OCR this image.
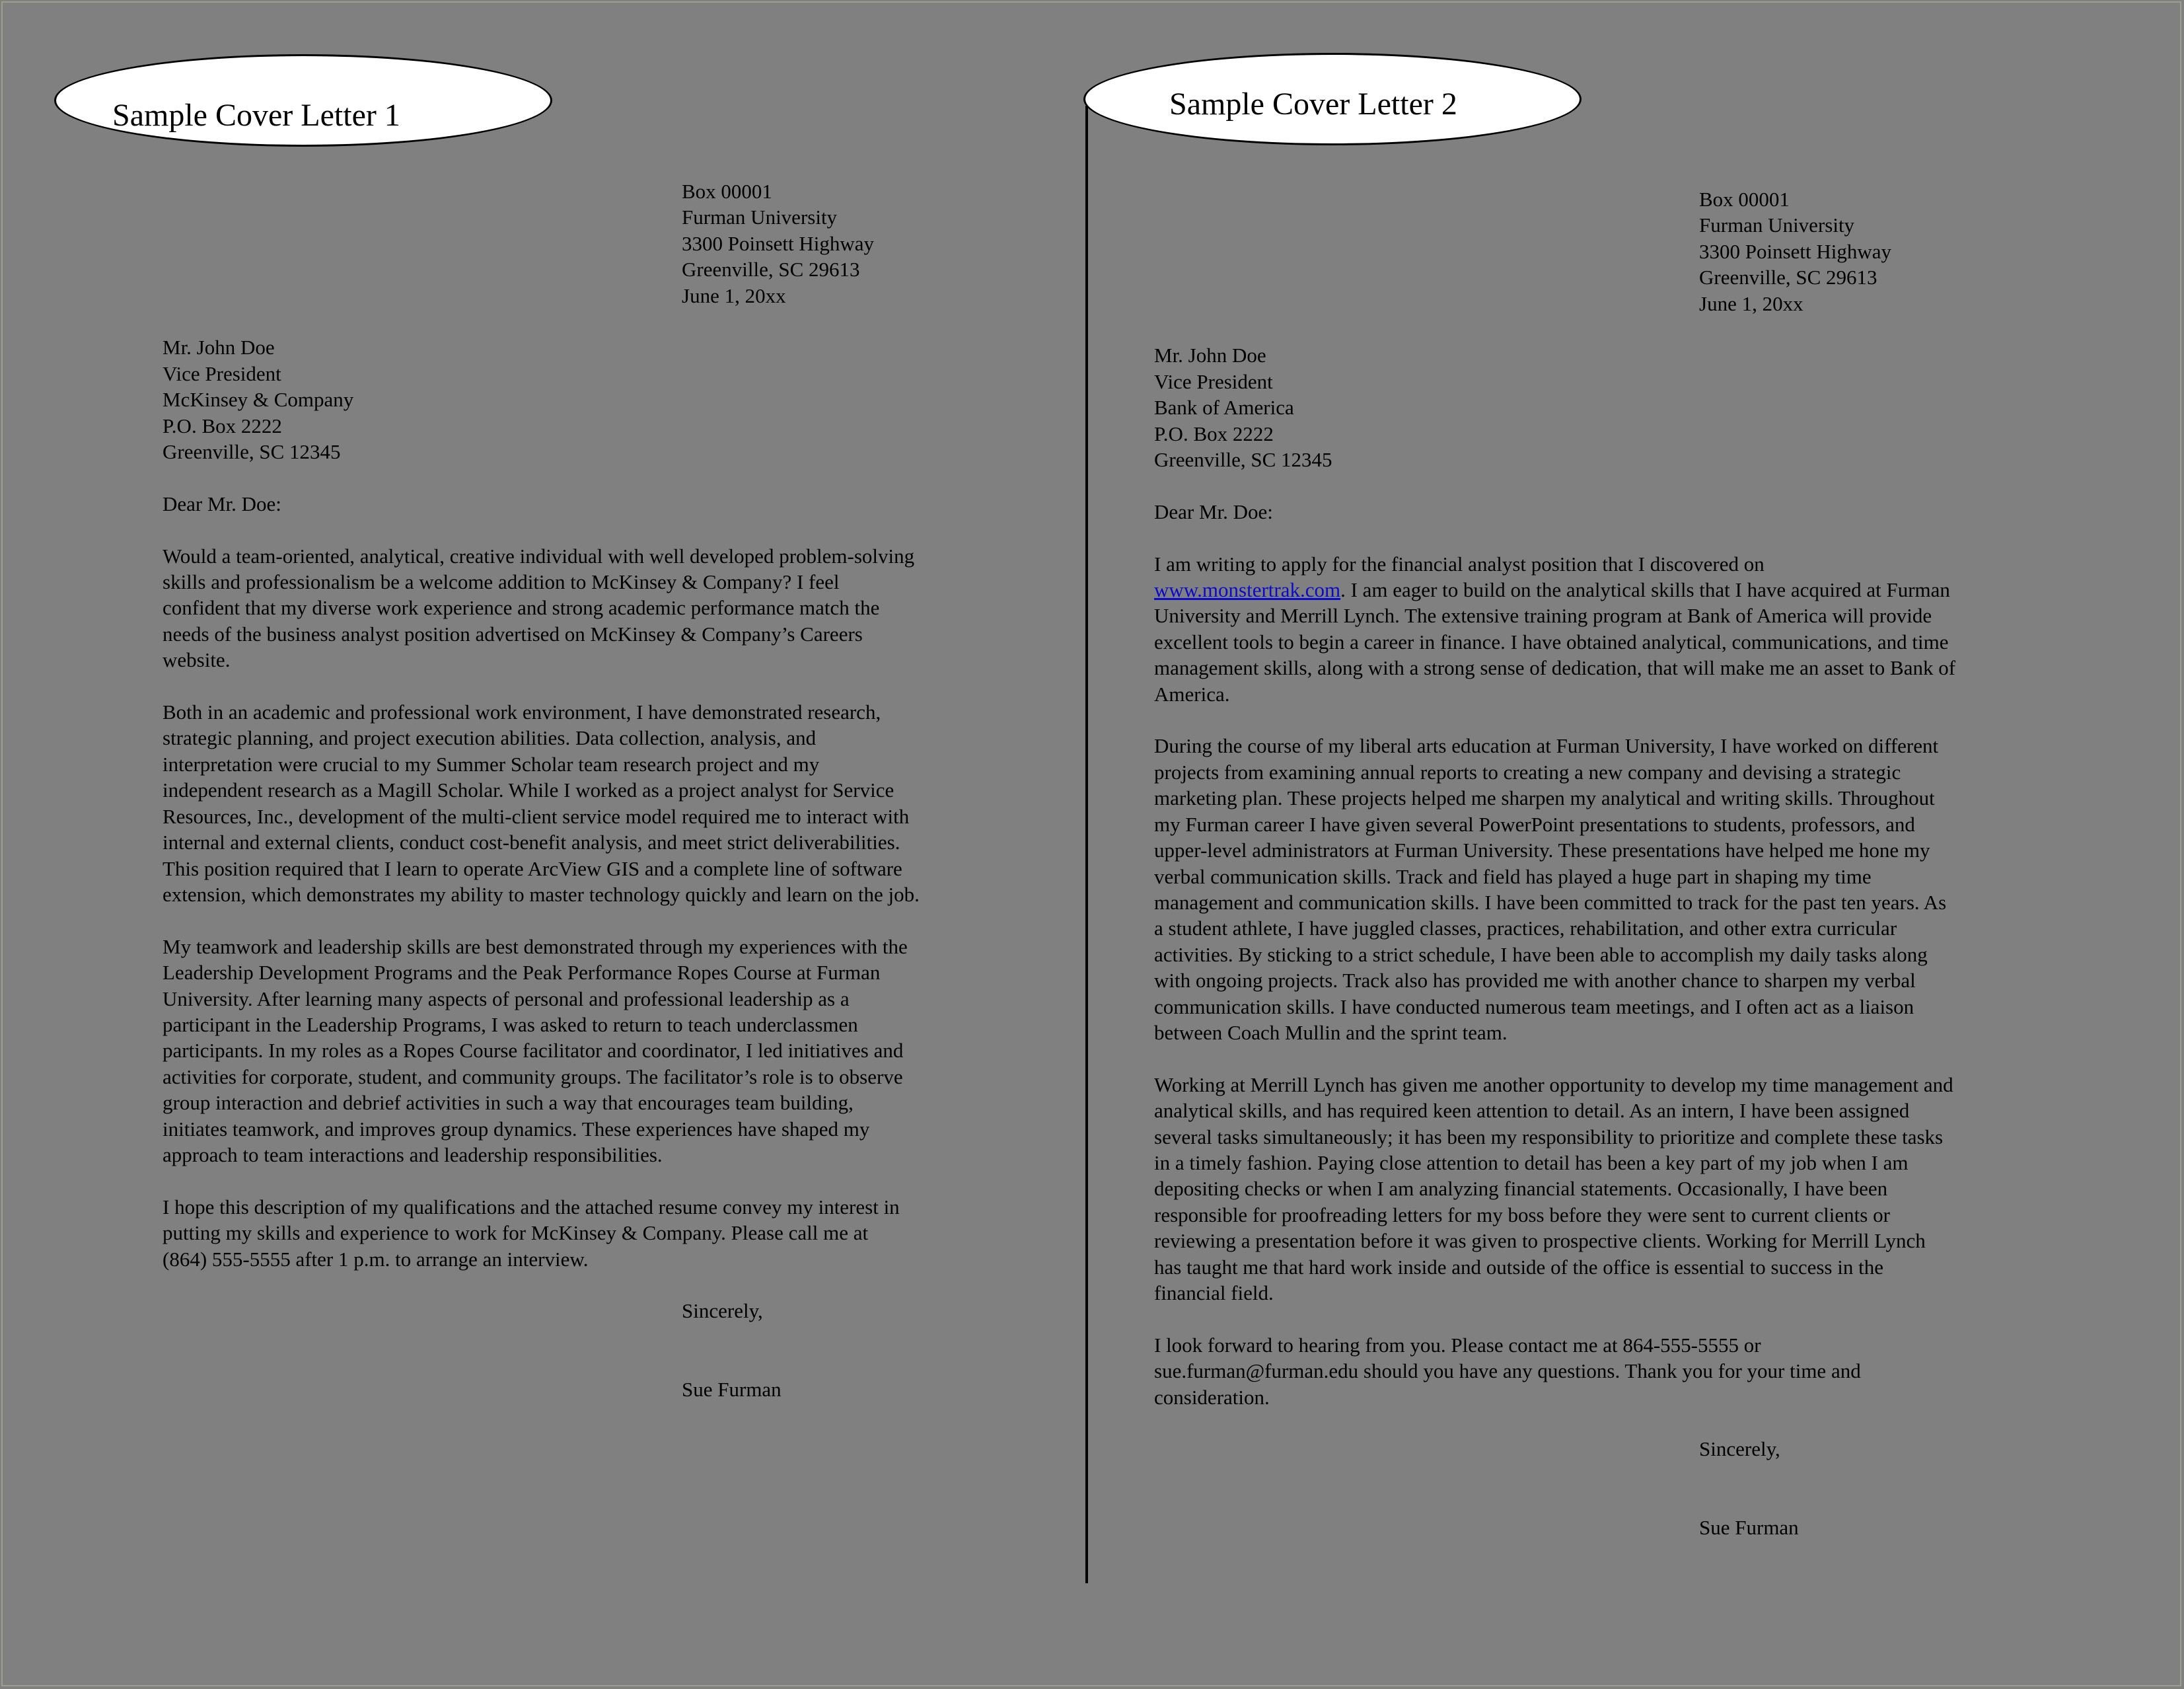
Sample Cover Letter 1	Sample Cover Letter 2
Box 00001
Furman University
3300 Poinsett Highway
Greenville, SC 29613
June 1, 20xx
Mr. John Doe
Vice President
McKinsey & Company
P.O. Box 2222
Greenville, SC 12345
Dear Mr. Doe:
Would a team-oriented, analytical, creative individual with well developed problem-solving
skills and professionalism be a welcome addition to McKinsey & Company? I feel
confident that my diverse work experience and strong academic performance match the
needs of the business analyst position advertised on McKinsey & Company’s Careers
website.
Both in an academic and professional work environment, I have demonstrated research,
strategic planning, and project execution abilities. Data collection, analysis, and
interpretation were crucial to my Summer Scholar team research project and my
independent research as a Magill Scholar. While I worked as a project analyst for Service
Resources, Inc., development of the multi-client service model required me to interact with
internal and external clients, conduct cost-benefit analysis, and meet strict deliverabilities.
This position required that I learn to operate ArcView GIS and a complete line of software
extension, which demonstrates my ability to master technology quickly and learn on the job.
My teamwork and leadership skills are best demonstrated through my experiences with the
Leadership Development Programs and the Peak Performance Ropes Course at Furman
University. After learning many aspects of personal and professional leadership as a
participant in the Leadership Programs, I was asked to return to teach underclassmen
participants. In my roles as a Ropes Course facilitator and coordinator, I led initiatives and
activities for corporate, student, and community groups. The facilitator’s role is to observe
group interaction and debrief activities in such a way that encourages team building,
initiates teamwork, and improves group dynamics. These experiences have shaped my
approach to team interactions and leadership responsibilities.
I hope this description of my qualifications and the attached resume convey my interest in
putting my skills and experience to work for McKinsey & Company. Please call me at
(864) 555-5555 after 1 p.m. to arrange an interview.
Sincerely,
Sue Furman
Box 00001
Furman University
3300 Poinsett Highway
Greenville, SC 29613
June 1, 20xx
Mr. John Doe
Vice President
Bank of America
P.O. Box 2222
Greenville, SC 12345
Dear Mr. Doe:
I am writing to apply for the financial analyst position that I discovered on
www.monstertrak.com. I am eager to build on the analytical skills that I have acquired at Furman
University and Merrill Lynch. The extensive training program at Bank of America will provide
excellent tools to begin a career in finance. I have obtained analytical, communications, and time
management skills, along with a strong sense of dedication, that will make me an asset to Bank of
America.
During the course of my liberal arts education at Furman University, I have worked on different
projects from examining annual reports to creating a new company and devising a strategic
marketing plan. These projects helped me sharpen my analytical and writing skills. Throughout
my Furman career I have given several PowerPoint presentations to students, professors, and
upper-level administrators at Furman University. These presentations have helped me hone my
verbal communication skills. Track and field has played a huge part in shaping my time
management and communication skills. I have been committed to track for the past ten years. As
a student athlete, I have juggled classes, practices, rehabilitation, and other extra curricular
activities. By sticking to a strict schedule, I have been able to accomplish my daily tasks along
with ongoing projects. Track also has provided me with another chance to sharpen my verbal
communication skills. I have conducted numerous team meetings, and I often act as a liaison
between Coach Mullin and the sprint team.
Working at Merrill Lynch has given me another opportunity to develop my time management and
analytical skills, and has required keen attention to detail. As an intern, I have been assigned
several tasks simultaneously; it has been my responsibility to prioritize and complete these tasks
in a timely fashion. Paying close attention to detail has been a key part of my job when I am
depositing checks or when I am analyzing financial statements. Occasionally, I have been
responsible for proofreading letters for my boss before they were sent to current clients or
reviewing a presentation before it was given to prospective clients. Working for Merrill Lynch
has taught me that hard work inside and outside of the office is essential to success in the
financial field.
I look forward to hearing from you. Please contact me at 864-555-5555 or
sue.furman@furman.edu should you have any questions. Thank you for your time and
consideration.
Sincerely,
Sue Furman
